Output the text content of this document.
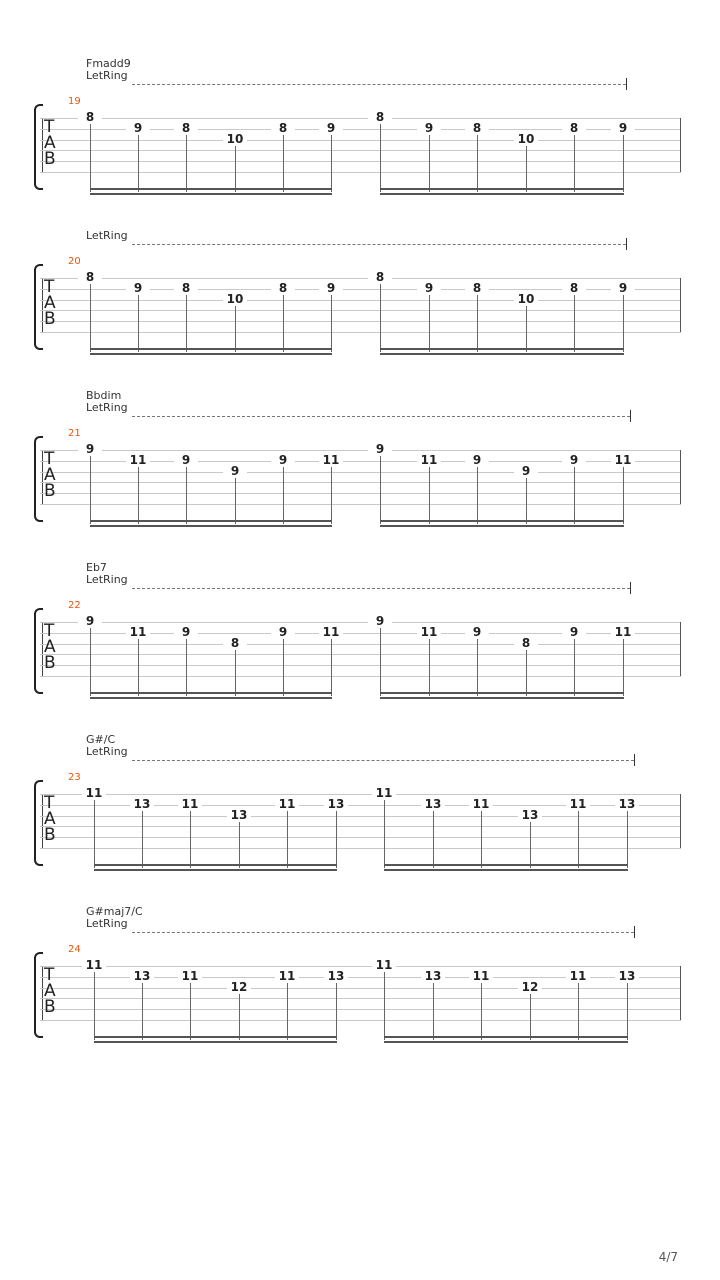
Fmadd9
LetRing
19
T
A
B
8
9	8
10
8	9
8
9	8
10
8	9
LetRing
20
T
A
B
8
9	8
10
8	9
8
9	8
10
8	9
Bbdim
LetRing
21
T
A
B
9
11	9
9
9	11
9
11	9
9
9	11
Eb7
LetRing
22
T
A
B
9
11	9
8
9	11
9
11	9
8
9	11
G#/C
LetRing
23
T
A
B
11
13	11
13
11	13
11
13	11
13
11	13
G#maj7/C
LetRing
24
T
A
B
11
13	11
12
11	13
11
13	11
12
11	13
4/7
